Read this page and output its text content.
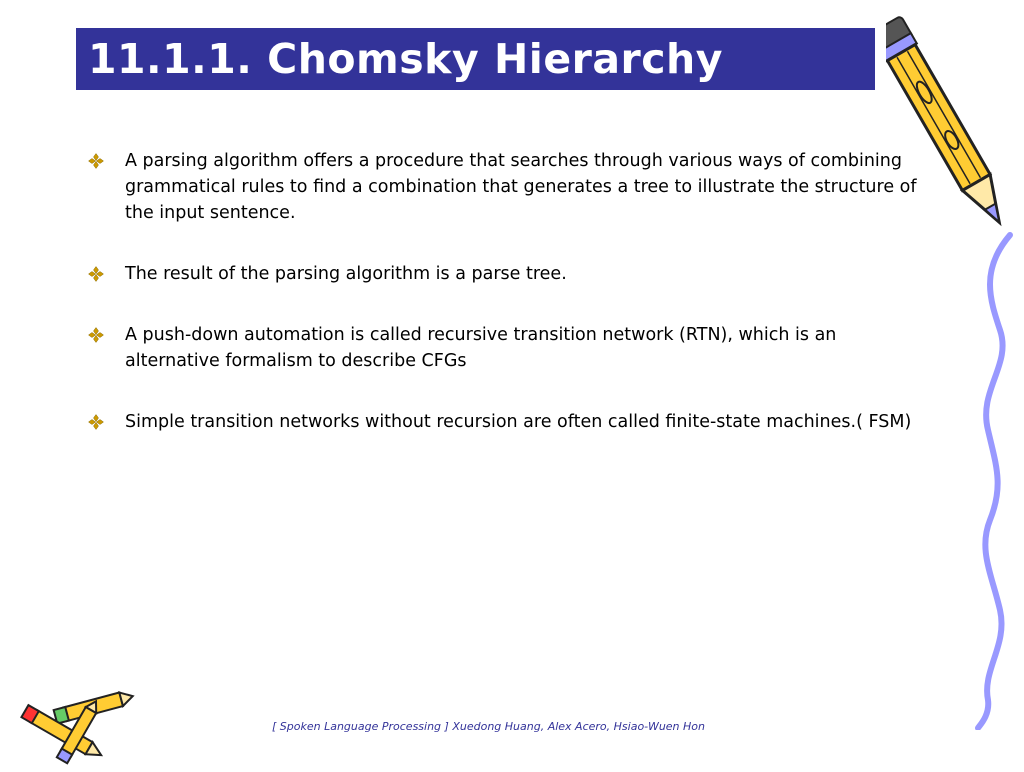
11.1.1. Chomsky Hierarchy
A parsing algorithm offers a procedure that searches through various ways of combining grammatical rules to find a combination that generates a tree to illustrate the structure of the input sentence.
The result of the parsing algorithm is a parse tree.
A push-down automation is called recursive transition network (RTN), which is an alternative formalism to describe CFGs
Simple transition networks without recursion are often called finite-state machines.( FSM)
[ Spoken Language Processing ] Xuedong Huang, Alex Acero, Hsiao-Wuen Hon
